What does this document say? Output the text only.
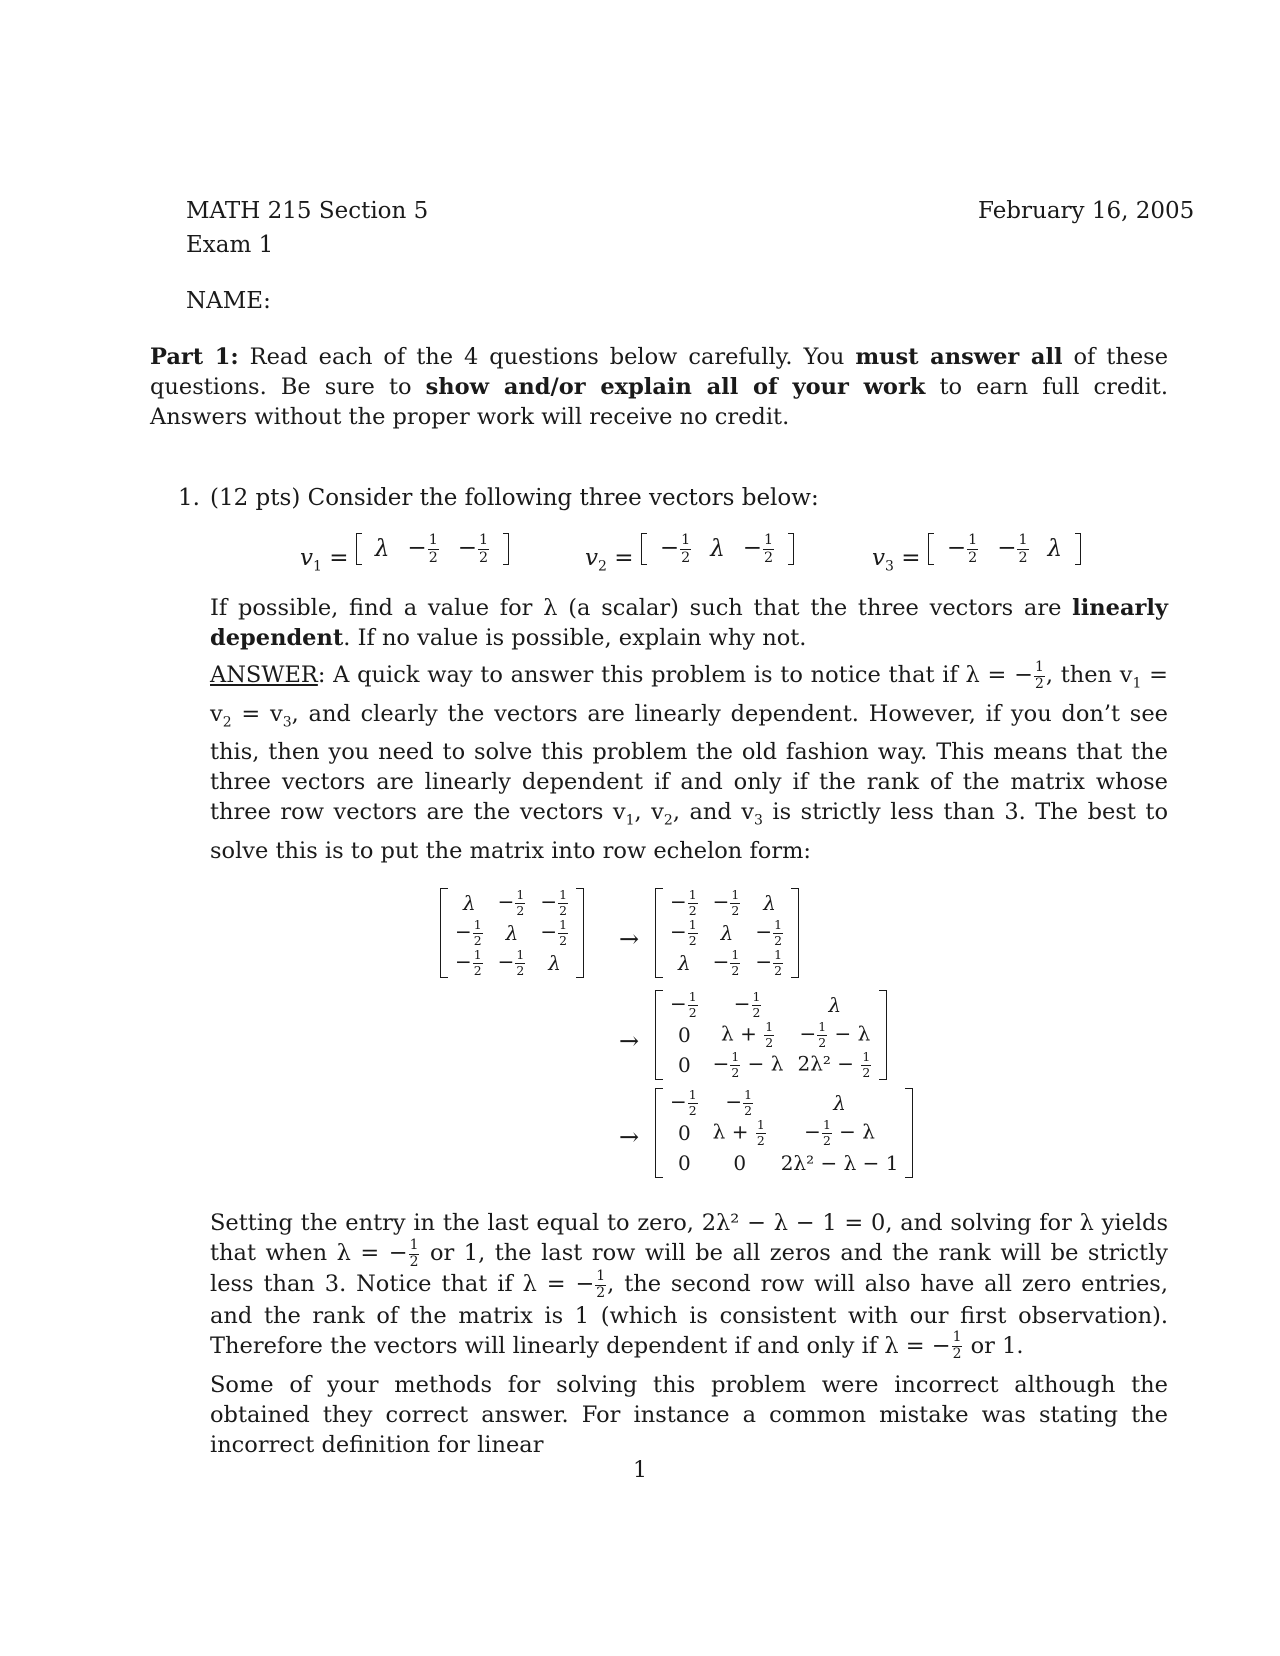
MATH 215 Section 5	February 16, 2005
Exam 1
NAME:
Part 1: Read each of the 4 questions below carefully. You must answer all of these questions. Be sure to show and/or explain all of your work to earn full credit. Answers without the proper work will receive no credit.
1. (12 pts) Consider the following three vectors below:
$v_1 = \lambda - \frac{1}{2} - \frac{1}{2}$	$v_2$ = − $\frac{1}{2}$ $\lambda - \frac{1}{2}$	$v_3$ = − $\frac{1}{2} - \frac{1}{2}$ λ
If possible, find a value for λ (a scalar) such that the three vectors are linearly dependent. If no value is possible, explain why not.
ANSWER: A quick way to answer this problem is to notice that if λ = − $\frac{1}{2}$ , then $v_1 = v_2 = v_3$, and clearly the vectors are linearly dependent. However, if you don’t see this, then you need to solve this problem the old fashion way. This means that the three vectors are linearly dependent if and only if the rank of the matrix whose three row vectors are the vectors $v_1$, $v_2$, and $v_3$ is strictly less than 3. The best to solve this is to put the matrix into row echelon form:
λ	− $\frac{1}{2}$	− $\frac{1}{2}$

− $\frac{1}{2}$	λ	− $\frac{1}{2}$

− $\frac{1}{2}$	− $\frac{1}{2}$	λ
→
− $\frac{1}{2}$	− $\frac{1}{2}$	λ
− $\frac{1}{2}$	λ	− $\frac{1}{2}$

λ	− $\frac{1}{2}$	− $\frac{1}{2}$
→
− $\frac{1}{2}$	− $\frac{1}{2}$	λ
0	$\lambda + \frac{1}{2}$	− $\frac{1}{2} - \lambda$
0	− $\frac{1}{2} - \lambda$	$2\lambda^2 - \frac{1}{2}$
→
− $\frac{1}{2}$	− $\frac{1}{2}$	λ
0	$\lambda + \frac{1}{2}$	− $\frac{1}{2} - \lambda$
0	0	2λ² − λ − 1
Setting the entry in the last equal to zero, 2λ² − λ − 1 = 0, and solving for λ yields that when λ = − $\frac{1}{2}$ or 1, the last row will be all zeros and the rank will be strictly less than 3. Notice that if λ = − $\frac{1}{2}$ , the second row will also have all zero entries, and the rank of the matrix is 1 (which is consistent with our first observation). Therefore the vectors will linearly dependent if and only if λ = − $\frac{1}{2}$ or 1.
Some of your methods for solving this problem were incorrect although the obtained they correct answer. For instance a common mistake was stating the incorrect definition for linear
1
